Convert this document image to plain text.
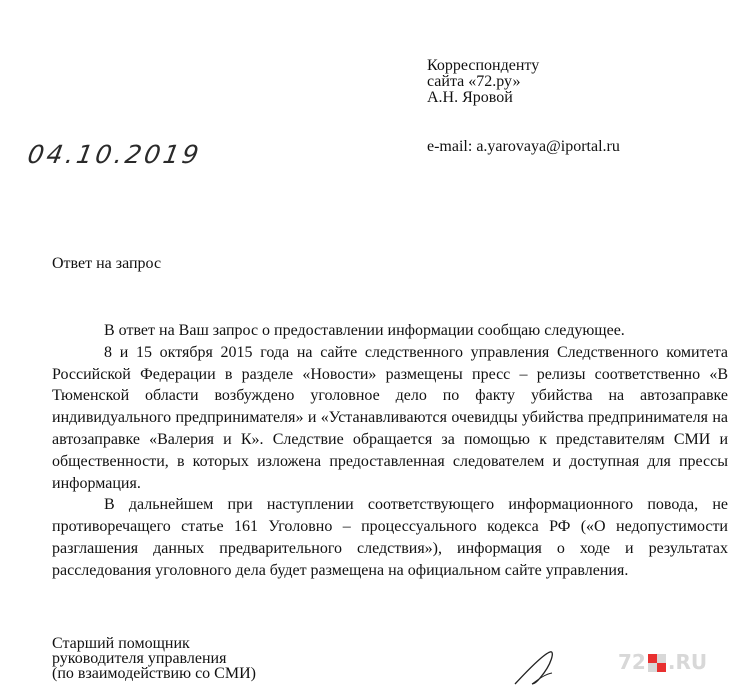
Корреспонденту
сайта «72.ру»
А.Н. Яровой
e-mail: a.yarovaya@iportal.ru
04.10.2019
Ответ на запрос

В ответ на Ваш запрос о предоставлении информации сообщаю следующее.

8 и 15 октября 2015 года на сайте следственного управления Следственного комитета Российской Федерации в разделе «Новости» размещены пресс – релизы соответственно «В Тюменской области возбуждено уголовное дело по факту убийства на автозаправке индивидуального предпринимателя» и «Устанавливаются очевидцы убийства предпринимателя на автозаправке «Валерия и К». Следствие обращается за помощью к представителям СМИ и общественности, в которых изложена предоставленная следователем и доступная для прессы информация.

В дальнейшем при наступлении соответствующего информационного повода, не противоречащего статье 161 Уголовно – процессуального кодекса РФ («О недопустимости разглашения данных предварительного следствия»), информация о ходе и результатах расследования уголовного дела будет размещена на официальном сайте управления.

Старший помощник
руководителя управления
(по взаимодействию со СМИ)	72 .RU
